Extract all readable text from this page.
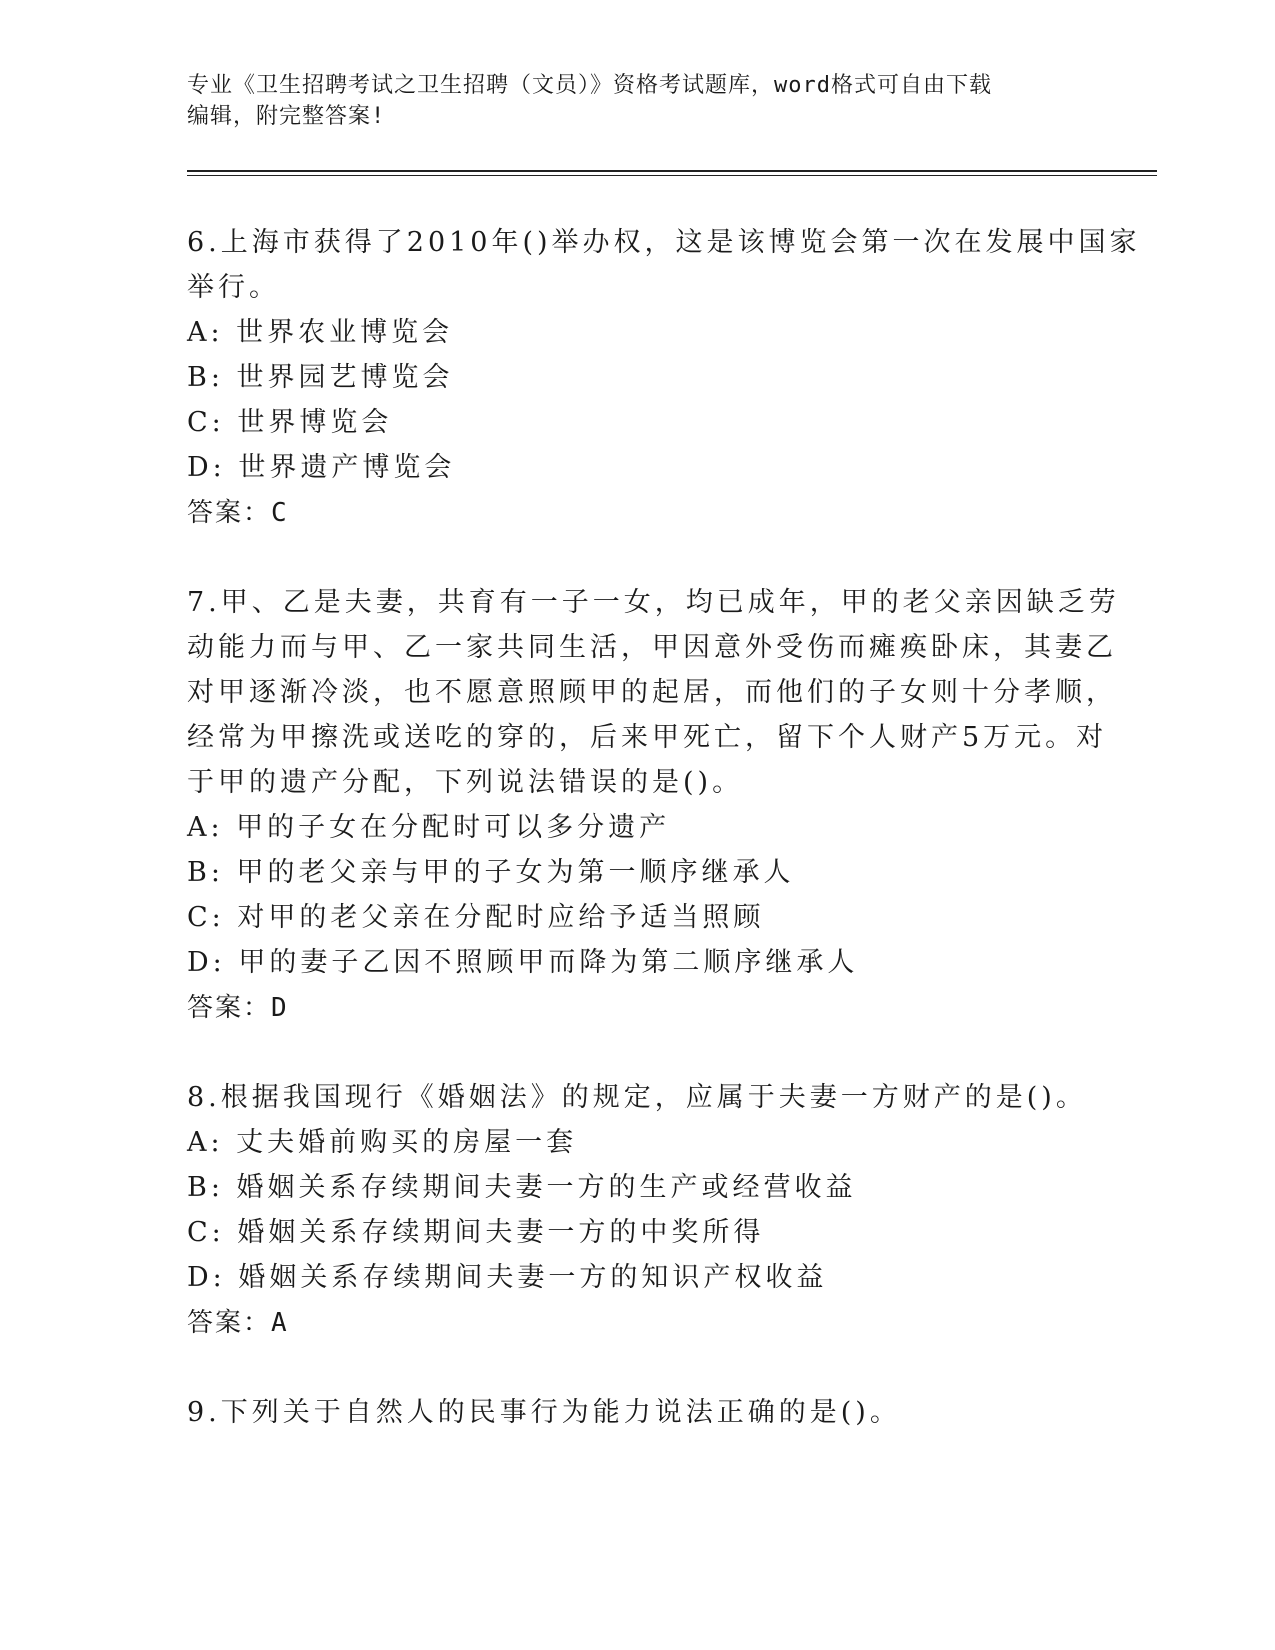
专业《卫生招聘考试之卫生招聘（文员）》资格考试题库，word格式可自由下载
编辑，附完整答案!
6.上海市获得了2010年()举办权，这是该博览会第一次在发展中国家
举行。
A: 世界农业博览会
B: 世界园艺博览会
C: 世界博览会
D: 世界遗产博览会
答案：C
7.甲、乙是夫妻，共育有一子一女，均已成年，甲的老父亲因缺乏劳
动能力而与甲、乙一家共同生活，甲因意外受伤而瘫痪卧床，其妻乙
对甲逐渐冷淡，也不愿意照顾甲的起居，而他们的子女则十分孝顺，
经常为甲擦洗或送吃的穿的，后来甲死亡，留下个人财产5万元。对
于甲的遗产分配，下列说法错误的是()。
A: 甲的子女在分配时可以多分遗产
B: 甲的老父亲与甲的子女为第一顺序继承人
C: 对甲的老父亲在分配时应给予适当照顾
D: 甲的妻子乙因不照顾甲而降为第二顺序继承人
答案：D
8.根据我国现行《婚姻法》的规定，应属于夫妻一方财产的是()。
A: 丈夫婚前购买的房屋一套
B: 婚姻关系存续期间夫妻一方的生产或经营收益
C: 婚姻关系存续期间夫妻一方的中奖所得
D: 婚姻关系存续期间夫妻一方的知识产权收益
答案：A
9.下列关于自然人的民事行为能力说法正确的是()。
